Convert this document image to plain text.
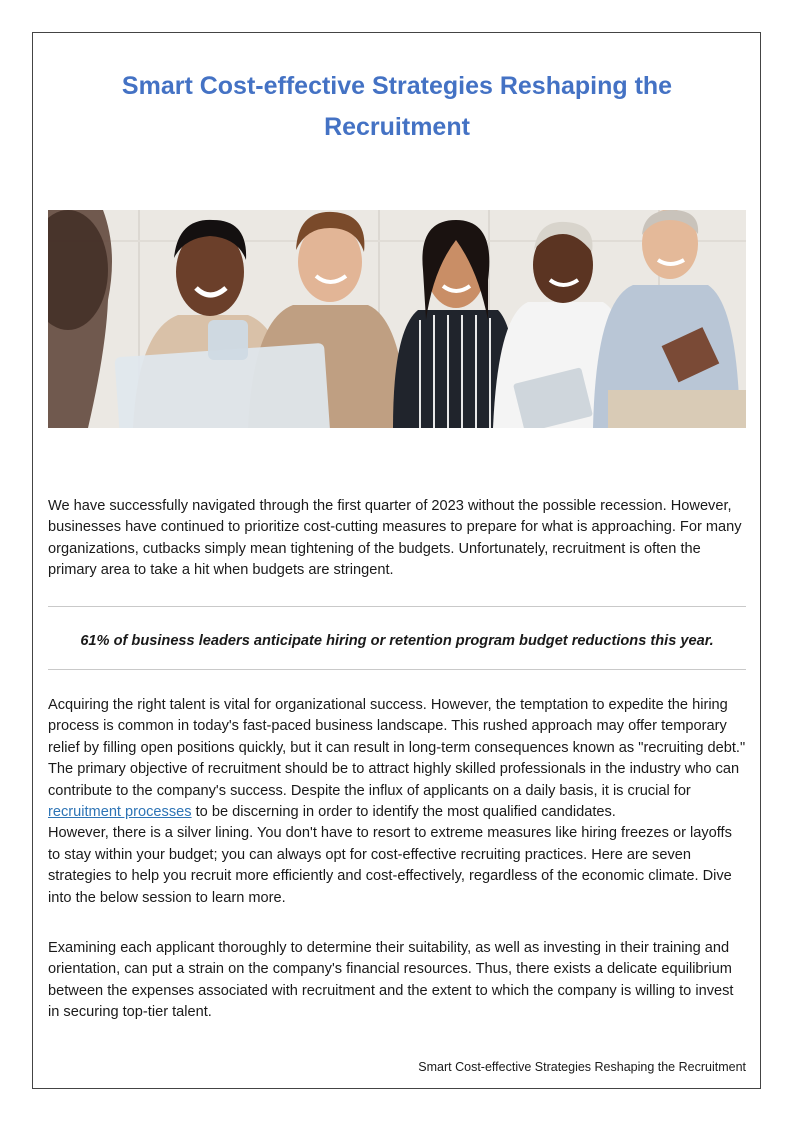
Smart Cost-effective Strategies Reshaping the Recruitment

We have successfully navigated through the first quarter of 2023 without the possible recession. However, businesses have continued to prioritize cost-cutting measures to prepare for what is approaching. For many organizations, cutbacks simply mean tightening of the budgets. Unfortunately, recruitment is often the primary area to take a hit when budgets are stringent.

61% of business leaders anticipate hiring or retention program budget reductions this year.

Acquiring the right talent is vital for organizational success. However, the temptation to expedite the hiring process is common in today's fast-paced business landscape. This rushed approach may offer temporary relief by filling open positions quickly, but it can result in long-term consequences known as "recruiting debt." The primary objective of recruitment should be to attract highly skilled professionals in the industry who can contribute to the company's success. Despite the influx of applicants on a daily basis, it is crucial for recruitment processes to be discerning in order to identify the most qualified candidates.
However, there is a silver lining. You don't have to resort to extreme measures like hiring freezes or layoffs to stay within your budget; you can always opt for cost-effective recruiting practices. Here are seven strategies to help you recruit more efficiently and cost-effectively, regardless of the economic climate. Dive into the below session to learn more.

Examining each applicant thoroughly to determine their suitability, as well as investing in their training and orientation, can put a strain on the company's financial resources. Thus, there exists a delicate equilibrium between the expenses associated with recruitment and the extent to which the company is willing to invest in securing top-tier talent.

Smart Cost-effective Strategies Reshaping the Recruitment
